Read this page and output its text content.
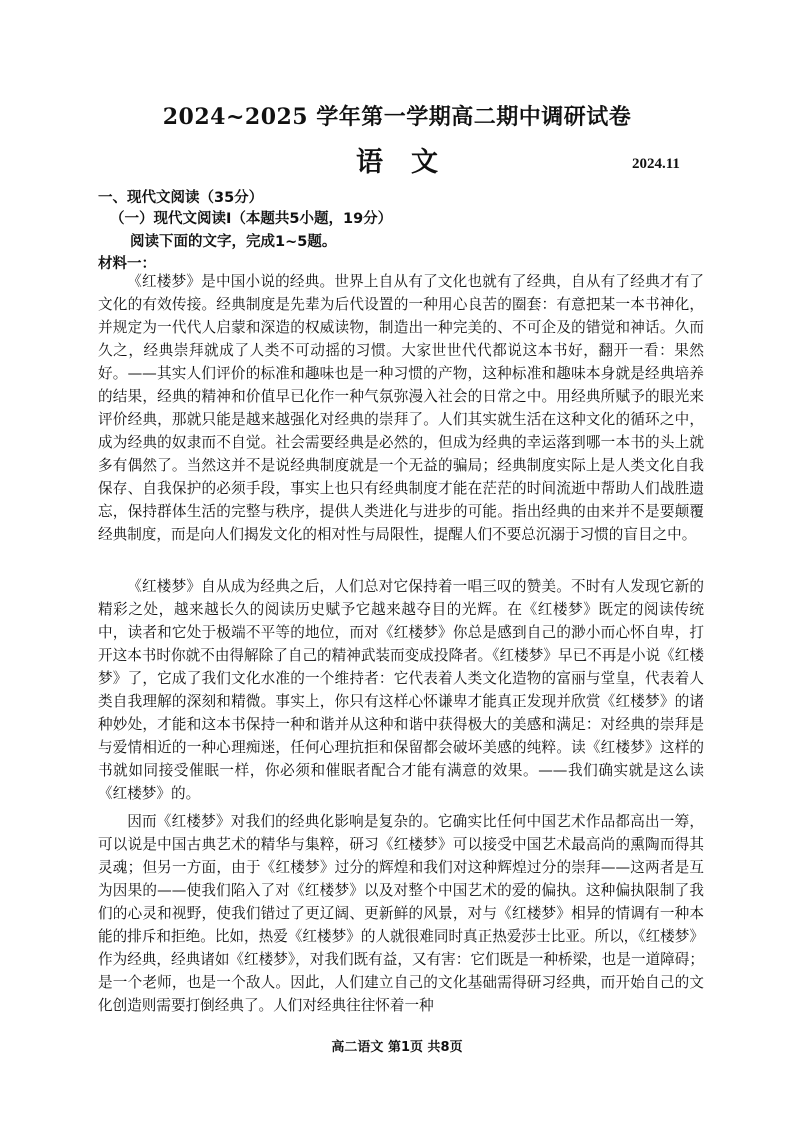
2024~2025 学年第一学期高二期中调研试卷
语文	2024.11
一、现代文阅读（35分）
（一）现代文阅读Ⅰ（本题共5小题，19分）
阅读下面的文字，完成1~5题。
材料一：

《红楼梦》是中国小说的经典。世界上自从有了文化也就有了经典，自从有了经典才有了文化的有效传接。经典制度是先辈为后代设置的一种用心良苦的圈套：有意把某一本书神化，并规定为一代代人启蒙和深造的权威读物，制造出一种完美的、不可企及的错觉和神话。久而久之，经典崇拜就成了人类不可动摇的习惯。大家世世代代都说这本书好，翻开一看：果然好。——其实人们评价的标准和趣味也是一种习惯的产物，这种标准和趣味本身就是经典培养的结果，经典的精神和价值早已化作一种气氛弥漫入社会的日常之中。用经典所赋予的眼光来评价经典，那就只能是越来越强化对经典的崇拜了。人们其实就生活在这种文化的循环之中，成为经典的奴隶而不自觉。社会需要经典是必然的，但成为经典的幸运落到哪一本书的头上就多有偶然了。当然这并不是说经典制度就是一个无益的骗局；经典制度实际上是人类文化自我保存、自我保护的必须手段，事实上也只有经典制度才能在茫茫的时间流逝中帮助人们战胜遗忘，保持群体生活的完整与秩序，提供人类进化与进步的可能。指出经典的由来并不是要颠覆经典制度，而是向人们揭发文化的相对性与局限性，提醒人们不要总沉溺于习惯的盲目之中。

《红楼梦》自从成为经典之后，人们总对它保持着一唱三叹的赞美。不时有人发现它新的精彩之处，越来越长久的阅读历史赋予它越来越夺目的光辉。在《红楼梦》既定的阅读传统中，读者和它处于极端不平等的地位，而对《红楼梦》你总是感到自己的渺小而心怀自卑，打开这本书时你就不由得解除了自己的精神武装而变成投降者。《红楼梦》早已不再是小说《红楼梦》了，它成了我们文化水准的一个维持者：它代表着人类文化造物的富丽与堂皇，代表着人类自我理解的深刻和精微。事实上，你只有这样心怀谦卑才能真正发现并欣赏《红楼梦》的诸种妙处，才能和这本书保持一种和谐并从这种和谐中获得极大的美感和满足：对经典的崇拜是与爱情相近的一种心理痴迷，任何心理抗拒和保留都会破坏美感的纯粹。读《红楼梦》这样的书就如同接受催眠一样，你必须和催眠者配合才能有满意的效果。——我们确实就是这么读《红楼梦》的。

因而《红楼梦》对我们的经典化影响是复杂的。它确实比任何中国艺术作品都高出一筹，可以说是中国古典艺术的精华与集粹，研习《红楼梦》可以接受中国艺术最高尚的熏陶而得其灵魂；但另一方面，由于《红楼梦》过分的辉煌和我们对这种辉煌过分的崇拜——这两者是互为因果的——使我们陷入了对《红楼梦》以及对整个中国艺术的爱的偏执。这种偏执限制了我们的心灵和视野，使我们错过了更辽阔、更新鲜的风景，对与《红楼梦》相异的情调有一种本能的排斥和拒绝。比如，热爱《红楼梦》的人就很难同时真正热爱莎士比亚。所以，《红楼梦》作为经典，经典诸如《红楼梦》，对我们既有益，又有害：它们既是一种桥梁，也是一道障碍；是一个老师，也是一个敌人。因此，人们建立自己的文化基础需得研习经典，而开始自己的文化创造则需要打倒经典了。人们对经典往往怀着一种

高二语文 第1页 共8页
